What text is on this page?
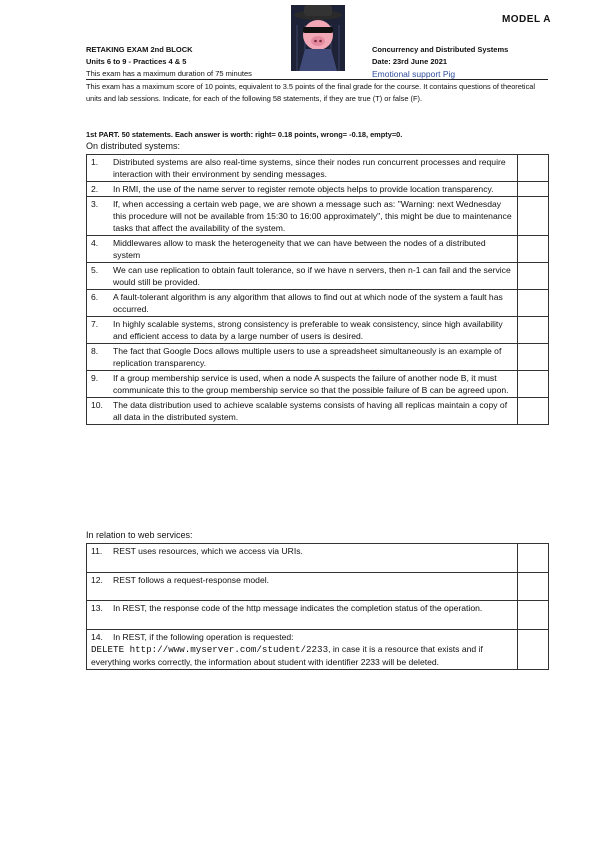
MODEL A
RETAKING EXAM 2nd BLOCK
Units 6 to 9 - Practices 4 & 5
This exam has a maximum duration of 75 minutes
Concurrency and Distributed Systems
Date: 23rd June 2021
Emotional support Pig
This exam has a maximum score of 10 points, equivalent to 3.5 points of the final grade for the course. It contains questions of theoretical units and lab sessions. Indicate, for each of the following 58 statements, if they are true (T) or false (F).
1st PART. 50 statements. Each answer is worth: right= 0.18 points, wrong= -0.18, empty=0.
On distributed systems:
1. Distributed systems are also real-time systems, since their nodes run concurrent processes and require interaction with their environment by sending messages.	

2. In RMI, the use of the name server to register remote objects helps to provide location transparency.	

3. If, when accessing a certain web page, we are shown a message such as: "Warning: next Wednesday this procedure will not be available from 15:30 to 16:00 approximately", this might be due to maintenance tasks that affect the availability of the system.	

4. Middlewares allow to mask the heterogeneity that we can have between the nodes of a distributed system	

5. We can use replication to obtain fault tolerance, so if we have n servers, then n-1 can fail and the service would still be provided.	

6. A fault-tolerant algorithm is any algorithm that allows to find out at which node of the system a fault has occurred.	

7. In highly scalable systems, strong consistency is preferable to weak consistency, since high availability and efficient access to data by a large number of users is desired.	

8. The fact that Google Docs allows multiple users to use a spreadsheet simultaneously is an example of replication transparency.	

9. If a group membership service is used, when a node A suspects the failure of another node B, it must communicate this to the group membership service so that the possible failure of B can be agreed upon.	

10. The data distribution used to achieve scalable systems consists of having all replicas maintain a copy of all data in the distributed system.	

In relation to web services:
11. REST uses resources, which we access via URIs.	

12. REST follows a request-response model.	

13. In REST, the response code of the http message indicates the completion status of the operation.	

14. In REST, if the following operation is requested:
DELETE http://www.myserver.com/student/2233, in case it is a resource that exists and if everything works correctly, the information about student with identifier 2233 will be deleted.	
